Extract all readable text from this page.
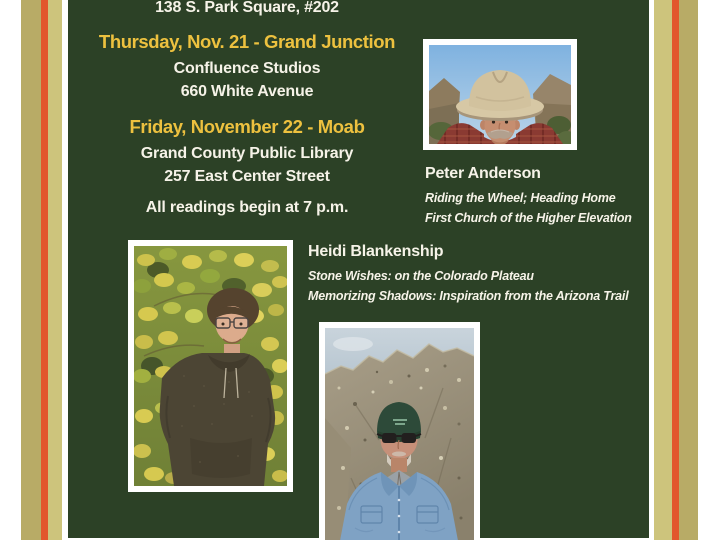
138 S. Park Square, #202
Thursday, Nov. 21 - Grand Junction
Confluence Studios
660 White Avenue
Friday, November 22 - Moab
Grand County Public Library
257 East Center Street
All readings begin at 7 p.m.
Peter Anderson
Riding the Wheel; Heading Home
First Church of the Higher Elevation
Heidi Blankenship
Stone Wishes: on the Colorado Plateau
Memorizing Shadows: Inspiration from the Arizona Trail
